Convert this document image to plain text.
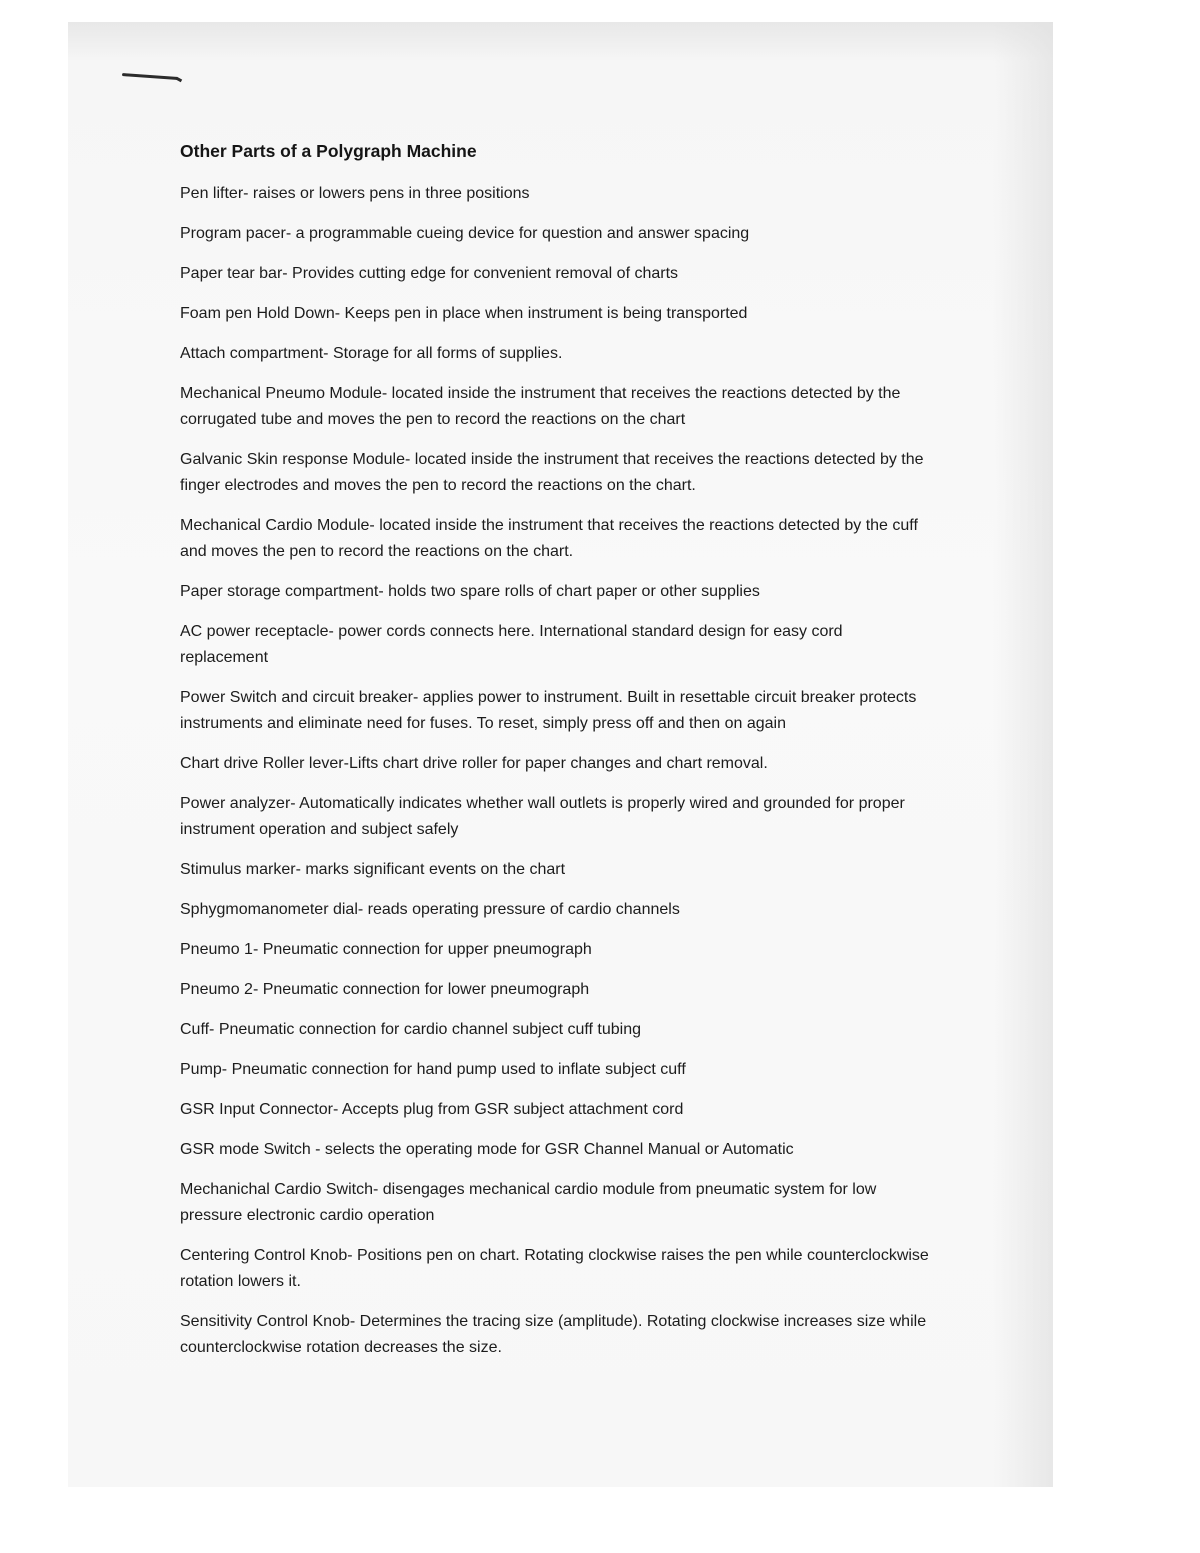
Other Parts of a Polygraph Machine
Pen lifter- raises or lowers pens in three positions
Program pacer- a programmable cueing device for question and answer spacing
Paper tear bar- Provides cutting edge for convenient removal of charts
Foam pen Hold Down- Keeps pen in place when instrument is being transported
Attach compartment- Storage for all forms of supplies.
Mechanical Pneumo Module- located inside the instrument that receives the reactions detected by the corrugated tube and moves the pen to record the reactions on the chart
Galvanic Skin response Module- located inside the instrument that receives the reactions detected by the finger electrodes and moves the pen to record the reactions on the chart.
Mechanical Cardio Module- located inside the instrument that receives the reactions detected by the cuff and moves the pen to record the reactions on the chart.
Paper storage compartment- holds two spare rolls of chart paper or other supplies
AC power receptacle- power cords connects here. International standard design for easy cord replacement
Power Switch and circuit breaker- applies power to instrument. Built in resettable circuit breaker protects instruments and eliminate need for fuses. To reset, simply press off and then on again
Chart drive Roller lever-Lifts chart drive roller for paper changes and chart removal.
Power analyzer- Automatically indicates whether wall outlets is properly wired and grounded for proper instrument operation and subject safely
Stimulus marker- marks significant events on the chart
Sphygmomanometer dial- reads operating pressure of cardio channels
Pneumo 1- Pneumatic connection for upper pneumograph
Pneumo 2- Pneumatic connection for lower pneumograph
Cuff- Pneumatic connection for cardio channel subject cuff tubing
Pump- Pneumatic connection for hand pump used to inflate subject cuff
GSR Input Connector- Accepts plug from GSR subject attachment cord
GSR mode Switch - selects the operating mode for GSR Channel Manual or Automatic
Mechanichal Cardio Switch- disengages mechanical cardio module from pneumatic system for low pressure electronic cardio operation
Centering Control Knob- Positions pen on chart. Rotating clockwise raises the pen while counterclockwise rotation lowers it.
Sensitivity Control Knob- Determines the tracing size (amplitude). Rotating clockwise increases size while counterclockwise rotation decreases the size.
